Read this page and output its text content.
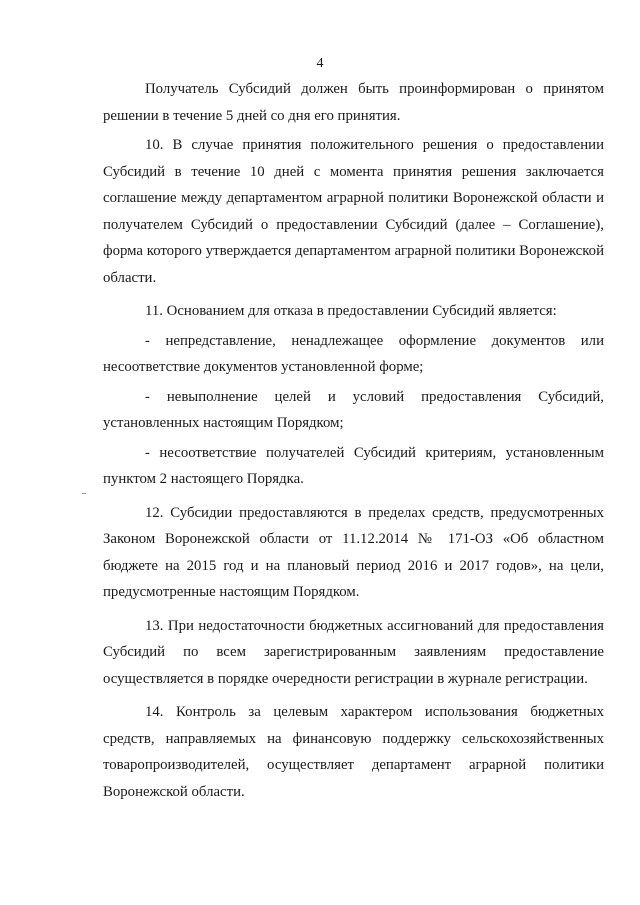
4

Получатель Субсидий должен быть проинформирован о принятом решении в течение 5 дней со дня его принятия.

10. В случае принятия положительного решения о предоставлении Субсидий в течение 10 дней с момента принятия решения заключается соглашение между департаментом аграрной политики Воронежской области и получателем Субсидий о предоставлении Субсидий (далее – Соглашение), форма которого утверждается департаментом аграрной политики Воронежской области.

11. Основанием для отказа в предоставлении Субсидий является:

- непредставление, ненадлежащее оформление документов или несоответствие документов установленной форме;

- невыполнение целей и условий предоставления Субсидий, установленных настоящим Порядком;

- несоответствие получателей Субсидий критериям, установленным пунктом 2 настоящего Порядка.

12. Субсидии предоставляются в пределах средств, предусмотренных Законом Воронежской области от 11.12.2014 № 171-ОЗ «Об областном бюджете на 2015 год и на плановый период 2016 и 2017 годов», на цели, предусмотренные настоящим Порядком.

13. При недостаточности бюджетных ассигнований для предоставления Субсидий по всем зарегистрированным заявлениям предоставление осуществляется в порядке очередности регистрации в журнале регистрации.

14. Контроль за целевым характером использования бюджетных средств, направляемых на финансовую поддержку сельскохозяйственных товаропроизводителей, осуществляет департамент аграрной политики Воронежской области.
